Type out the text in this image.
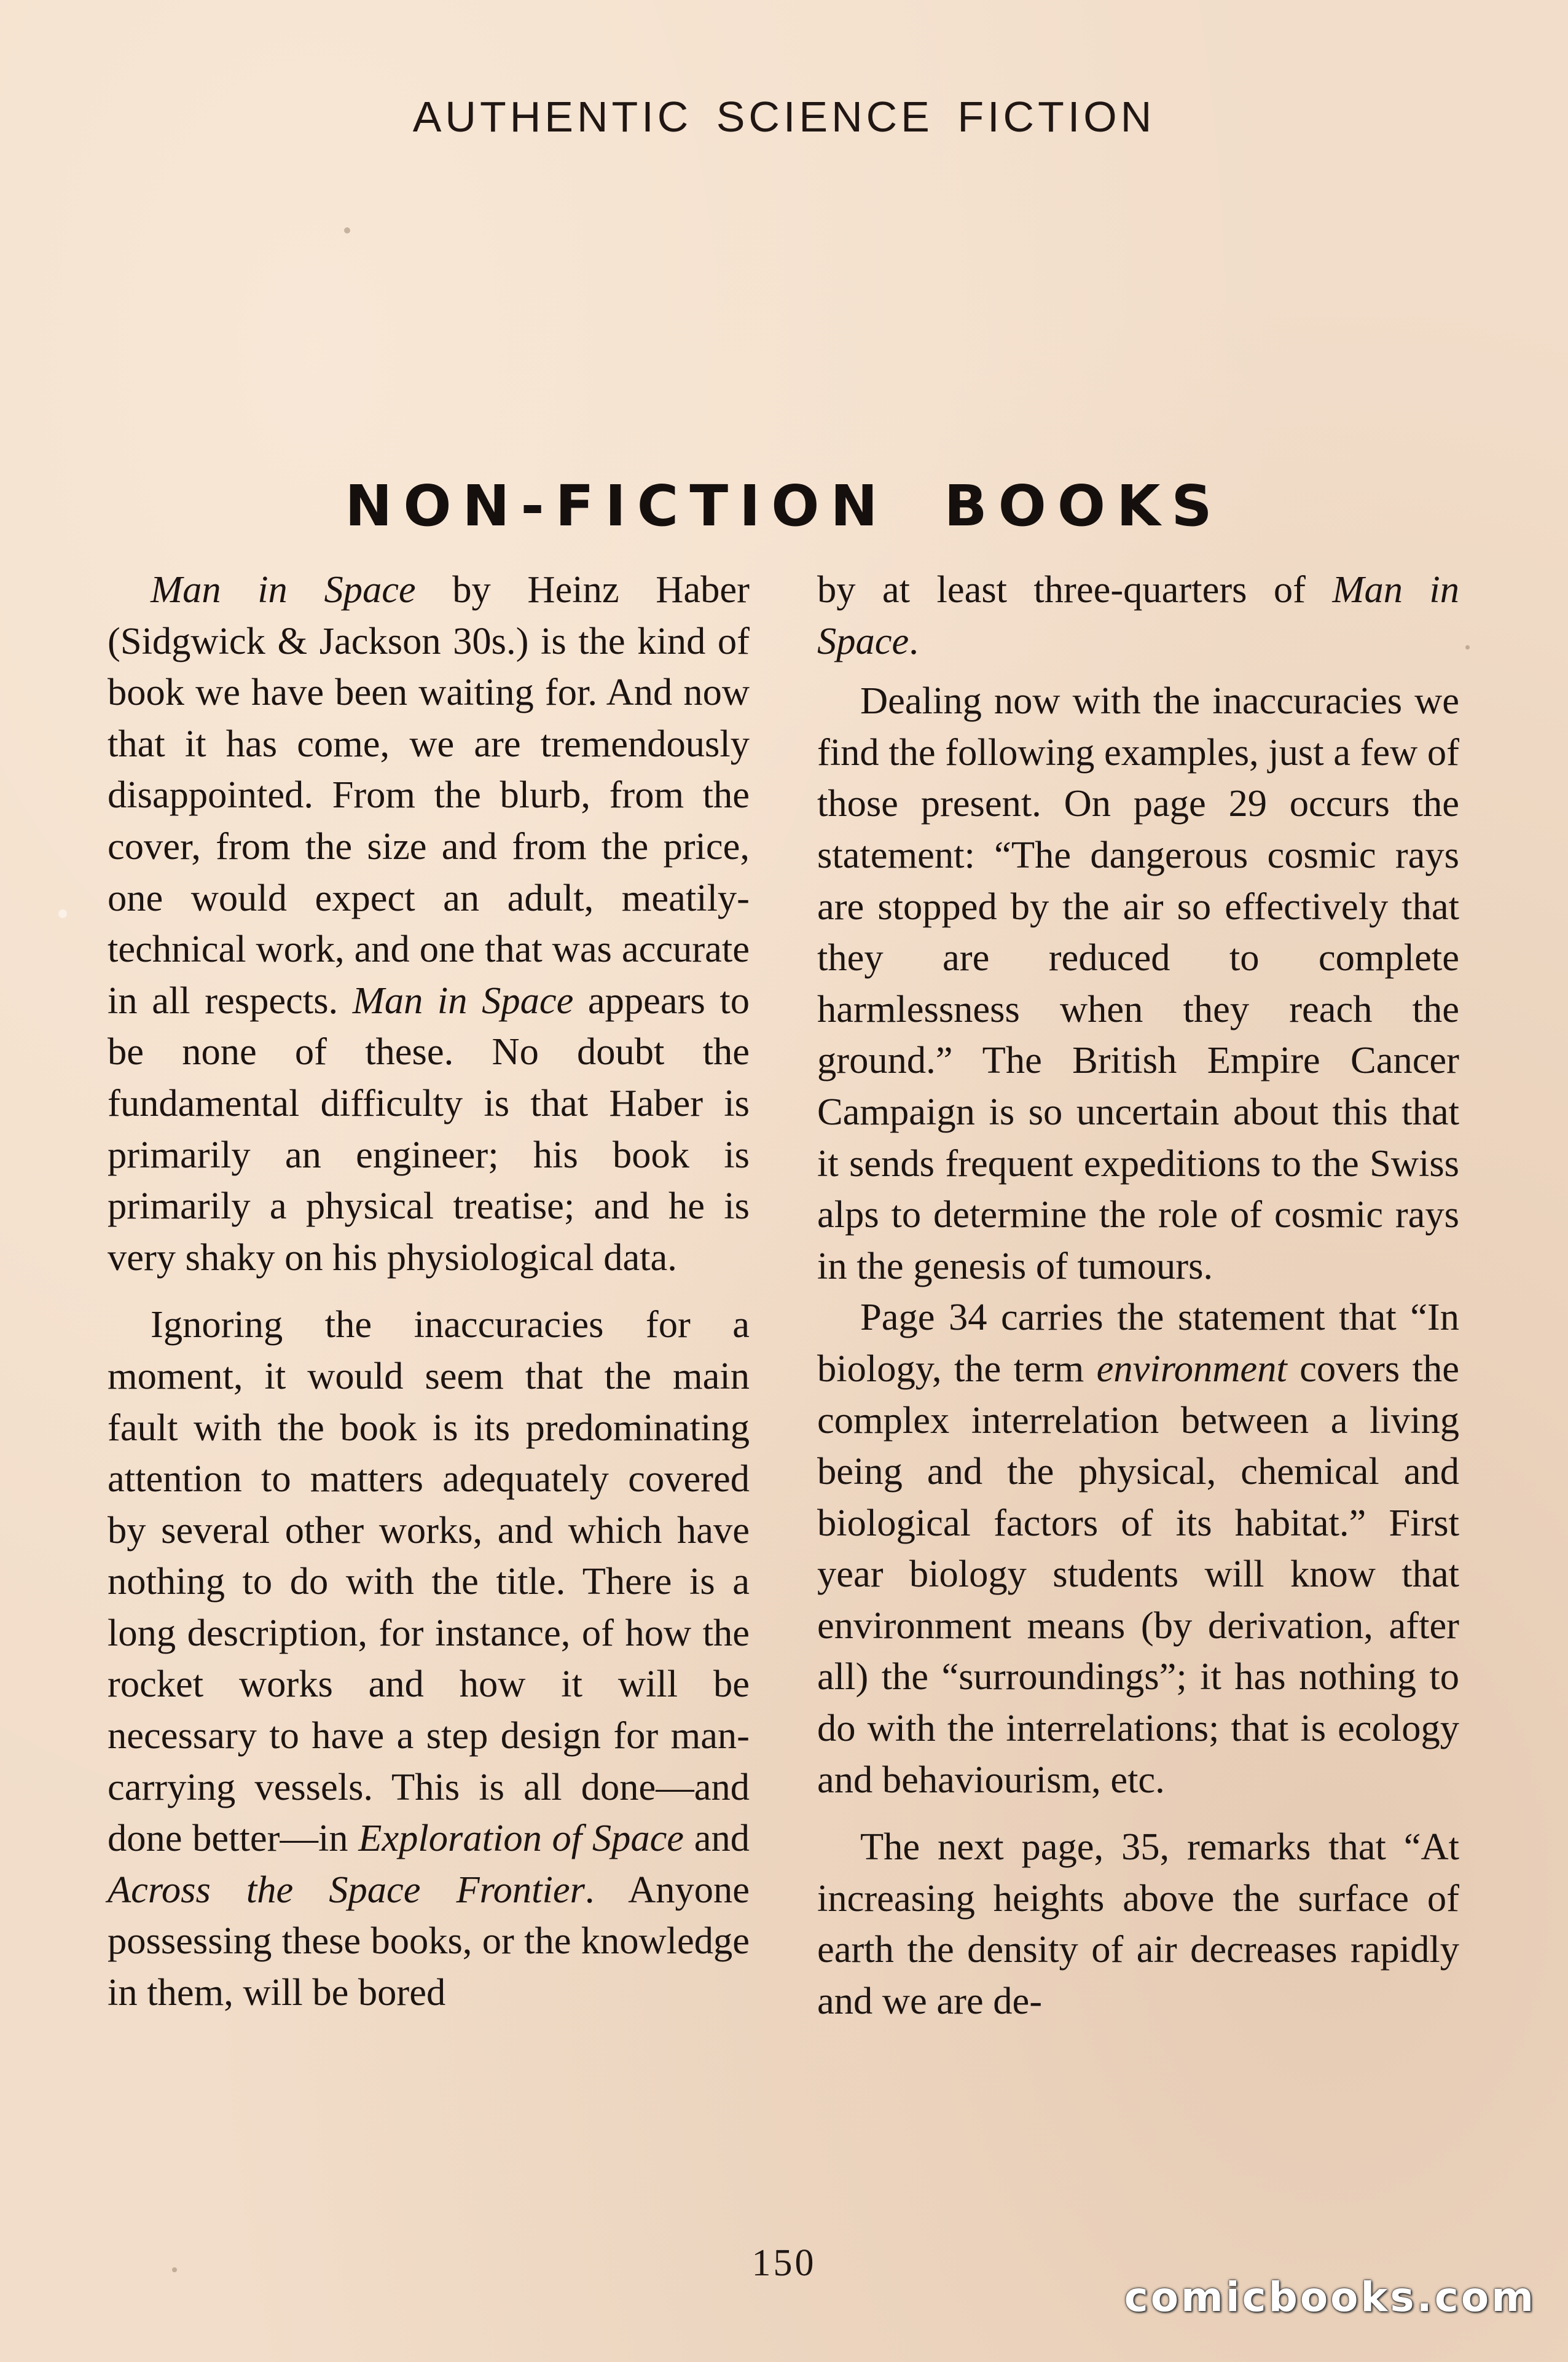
AUTHENTIC SCIENCE FICTION
NON-FICTION BOOKS

Man in Space by Heinz Haber (Sidgwick & Jackson 30s.) is the kind of book we have been waiting for. And now that it has come, we are tremendously disappointed. From the blurb, from the cover, from the size and from the price, one would expect an adult, meatily-technical work, and one that was accurate in all respects. Man in Space appears to be none of these. No doubt the fundamental difficulty is that Haber is primarily an engineer; his book is primarily a physical treatise; and he is very shaky on his physiological data.

Ignoring the inaccuracies for a moment, it would seem that the main fault with the book is its predominating attention to matters adequately covered by several other works, and which have nothing to do with the title. There is a long description, for instance, of how the rocket works and how it will be necessary to have a step design for man-carrying vessels. This is all done—and done better—in Exploration of Space and Across the Space Frontier. Anyone possessing these books, or the knowledge in them, will be bored

by at least three-quarters of Man in Space.

Dealing now with the inaccuracies we find the following examples, just a few of those present. On page 29 occurs the statement: “The dangerous cosmic rays are stopped by the air so effectively that they are reduced to complete harmlessness when they reach the ground.” The British Empire Cancer Campaign is so uncertain about this that it sends frequent expeditions to the Swiss alps to determine the role of cosmic rays in the genesis of tumours.

Page 34 carries the statement that “In biology, the term environment covers the complex interrelation between a living being and the physical, chemical and biological factors of its habitat.” First year biology students will know that environment means (by derivation, after all) the “surroundings”; it has nothing to do with the interrelations; that is ecology and behaviourism, etc.

The next page, 35, remarks that “At increasing heights above the surface of earth the density of air decreases rapidly and we are de-

150
comicbooks.com
